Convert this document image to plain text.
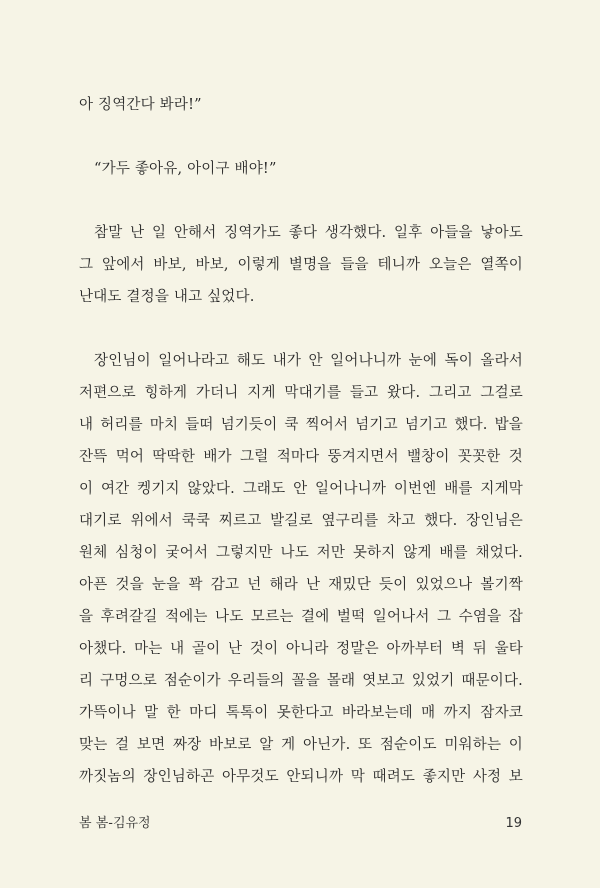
아 징역간다 봐라!”
“가두 좋아유, 아이구 배야!”
참말 난 일 안해서 징역가도 좋다 생각했다. 일후 아들을 낳아도
그 앞에서 바보, 바보, 이렇게 별명을 들을 테니까 오늘은 열쪽이
난대도 결정을 내고 싶었다.
장인님이 일어나라고 해도 내가 안 일어나니까 눈에 독이 올라서
저편으로 힝하게 가더니 지게 막대기를 들고 왔다. 그리고 그걸로
내 허리를 마치 들떠 넘기듯이 쿡 찍어서 넘기고 넘기고 했다. 밥을
잔뜩 먹어 딱딱한 배가 그럴 적마다 뚱겨지면서 밸창이 꼿꼿한 것
이 여간 켕기지 않았다. 그래도 안 일어나니까 이번엔 배를 지게막
대기로 위에서 쿡쿡 찌르고 발길로 옆구리를 차고 했다. 장인님은
원체 심청이 궂어서 그렇지만 나도 저만 못하지 않게 배를 채었다.
아픈 것을 눈을 꽉 감고 넌 해라 난 재밌단 듯이 있었으나 볼기짝
을 후려갈길 적에는 나도 모르는 결에 벌떡 일어나서 그 수염을 잡
아챘다. 마는 내 골이 난 것이 아니라 정말은 아까부터 벽 뒤 울타
리 구멍으로 점순이가 우리들의 꼴을 몰래 엿보고 있었기 때문이다.
가뜩이나 말 한 마디 톡톡이 못한다고 바라보는데 매 까지 잠자코
맞는 걸 보면 짜장 바보로 알 게 아닌가. 또 점순이도 미워하는 이
까짓놈의 장인님하곤 아무것도 안되니까 막 때려도 좋지만 사정 보
봄 봄-김유정	19
